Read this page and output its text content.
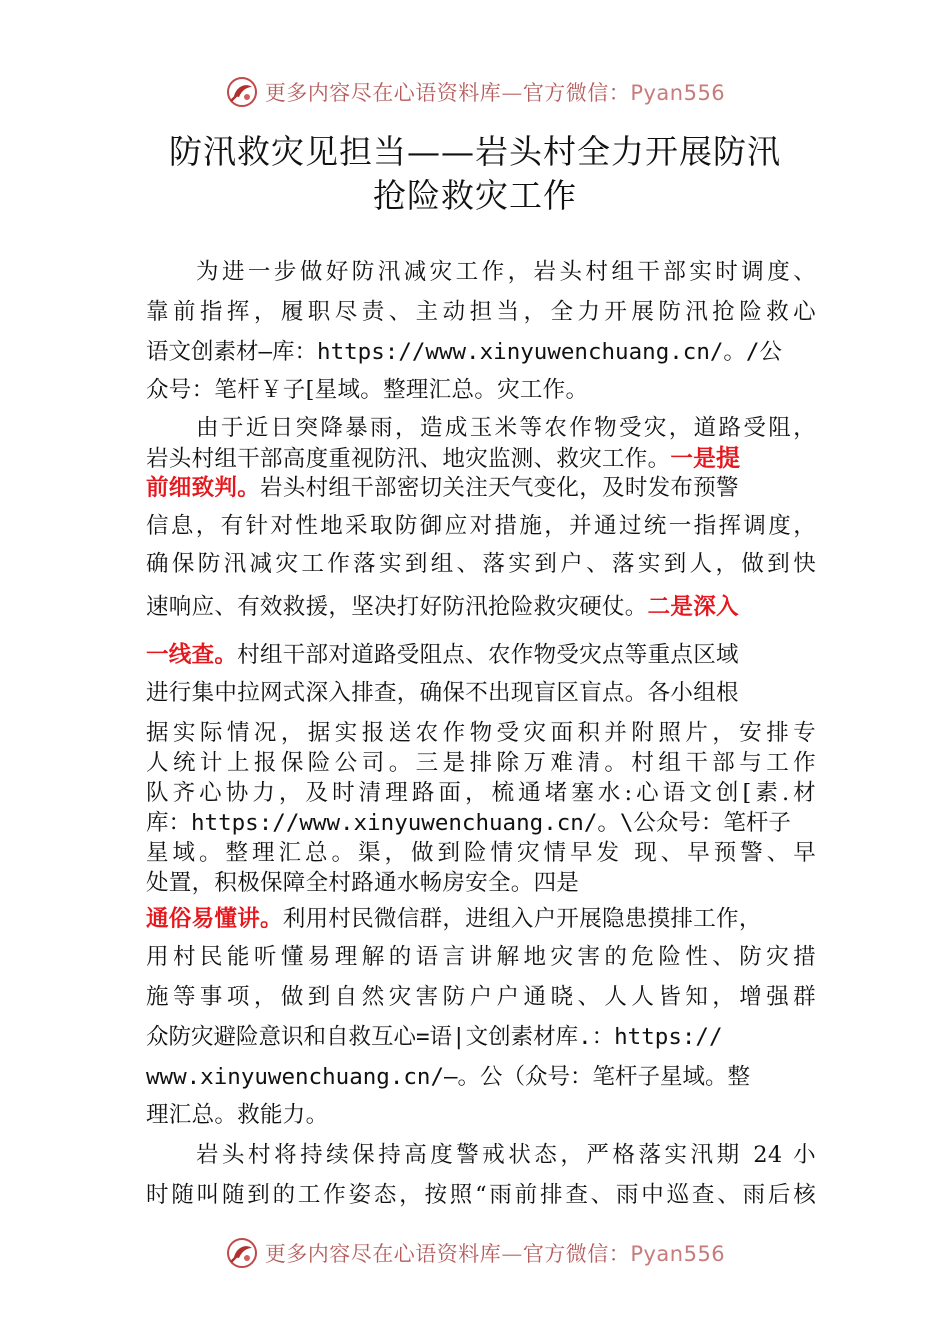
更多内容尽在心语资料库—官方微信：Pyan556
防汛救灾见担当——岩头村全力开展防汛
抢险救灾工作
为进一步做好防汛减灾工作，岩头村组干部实时调度、
靠前指挥，履职尽责、主动担当，全力开展防汛抢险救心
语文创素材—库：https://www.xinyuwenchuang.cn/。/公
众号：笔杆￥子[星域。整理汇总。灾工作。
由于近日突降暴雨，造成玉米等农作物受灾，道路受阻，
岩头村组干部高度重视防汛、地灾监测、救灾工作。一是提
前细致判。岩头村组干部密切关注天气变化，及时发布预警
信息，有针对性地采取防御应对措施，并通过统一指挥调度，
确保防汛减灾工作落实到组、落实到户、落实到人，做到快
速响应、有效救援，坚决打好防汛抢险救灾硬仗。二是深入
一线查。村组干部对道路受阻点、农作物受灾点等重点区域
进行集中拉网式深入排查，确保不出现盲区盲点。各小组根
据实际情况，据实报送农作物受灾面积并附照片，安排专
人统计上报保险公司。三是排除万难清。村组干部与工作
队齐心协力，及时清理路面，梳通堵塞水:心语文创[素.材
库：https://www.xinyuwenchuang.cn/。\公众号：笔杆子
星域。整理汇总。渠，做到险情灾情早发 现、早预警、早
处置，积极保障全村路通水畅房安全。四是
通俗易懂讲。利用村民微信群，进组入户开展隐患摸排工作，
用村民能听懂易理解的语言讲解地灾害的危险性、防灾措
施等事项，做到自然灾害防户户通晓、人人皆知，增强群
众防灾避险意识和自救互心=语|文创素材库.：https://
www.xinyuwenchuang.cn/—。公（众号：笔杆子星域。整
理汇总。救能力。
岩头村将持续保持高度警戒状态，严格落实汛期 24 小
时随叫随到的工作姿态，按照“雨前排查、雨中巡查、雨后核
更多内容尽在心语资料库—官方微信：Pyan556
